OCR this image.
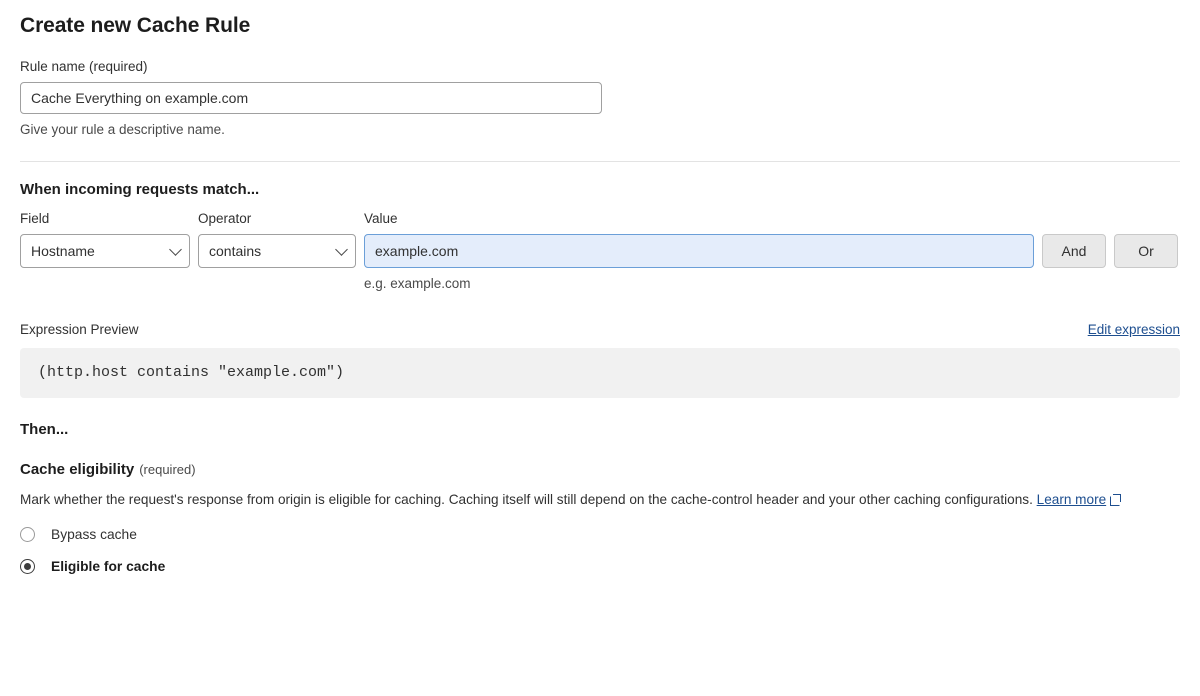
Create new Cache Rule
Rule name (required)
Cache Everything on example.com
Give your rule a descriptive name.
When incoming requests match...
Field
Hostname
Operator
contains
Value
example.com
e.g. example.com
And	Or
Expression Preview	Edit expression
(http.host contains "example.com")
Then...
Cache eligibility (required)
Mark whether the request's response from origin is eligible for caching. Caching itself will still depend on the cache-control header and your other caching configurations. Learn more
Bypass cache
Eligible for cache
